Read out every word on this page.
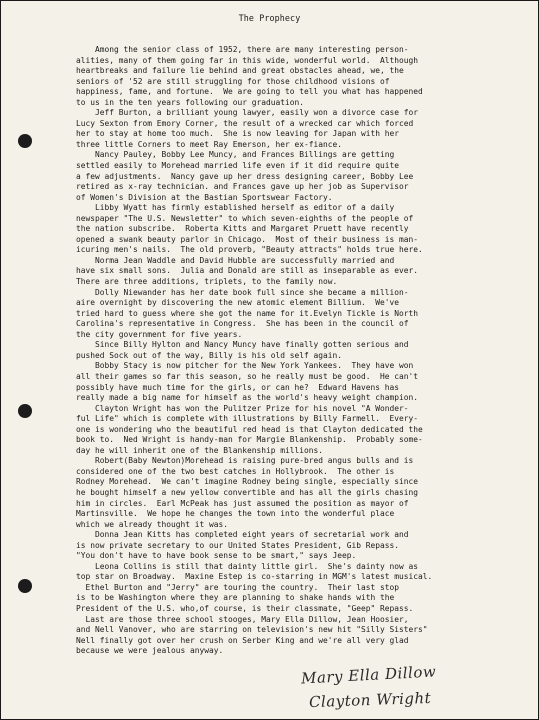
The Prophecy
Among the senior class of 1952, there are many interesting person-
alities, many of them going far in this wide, wonderful world.  Although
heartbreaks and failure lie behind and great obstacles ahead, we, the
seniors of '52 are still struggling for those childhood visions of
happiness, fame, and fortune.  We are going to tell you what has happened
to us in the ten years following our graduation.
Jeff Burton, a brilliant young lawyer, easily won a divorce case for
Lucy Sexton from Emory Corner, the result of a wrecked car which forced
her to stay at home too much.  She is now leaving for Japan with her
three little Corners to meet Ray Emerson, her ex-fiance.
Nancy Pauley, Bobby Lee Muncy, and Frances Billings are getting
settled easily to Morehead married life even if it did require quite
a few adjustments.  Nancy gave up her dress designing career, Bobby Lee
retired as x-ray technician. and Frances gave up her job as Supervisor
of Women's Division at the Bastian Sportswear Factory.
Libby Wyatt has firmly established herself as editor of a daily
newspaper "The U.S. Newsletter" to which seven-eighths of the people of
the nation subscribe.  Roberta Kitts and Margaret Pruett have recently
opened a swank beauty parlor in Chicago.  Most of their business is man-
icuring men's nails.  The old proverb, "Beauty attracts" holds true here.
Norma Jean Waddle and David Hubble are successfully married and
have six small sons.  Julia and Donald are still as inseparable as ever.
There are three additions, triplets, to the family now.
Dolly Niewander has her date book full since she became a million-
aire overnight by discovering the new atomic element Billium.  We've
tried hard to guess where she got the name for it.Evelyn Tickle is North
Carolina's representative in Congress.  She has been in the council of
the city government for five years.
Since Billy Hylton and Nancy Muncy have finally gotten serious and
pushed Sock out of the way, Billy is his old self again.
Bobby Stacy is now pitcher for the New York Yankees.  They have won
all their games so far this season, so he really must be good.  He can't
possibly have much time for the girls, or can he?  Edward Havens has
really made a big name for himself as the world's heavy weight champion.
Clayton Wright has won the Pulitzer Prize for his novel "A Wonder-
ful Life" which is complete with illustrations by Billy Farmell.  Every-
one is wondering who the beautiful red head is that Clayton dedicated the
book to.  Ned Wright is handy-man for Margie Blankenship.  Probably some-
day he will inherit one of the Blankenship millions.
Robert(Baby Newton)Morehead is raising pure-bred angus bulls and is
considered one of the two best catches in Hollybrook.  The other is
Rodney Morehead.  We can't imagine Rodney being single, especially since
he bought himself a new yellow convertible and has all the girls chasing
him in circles.  Earl McPeak has just assumed the position as mayor of
Martinsville.  We hope he changes the town into the wonderful place
which we already thought it was.
Donna Jean Kitts has completed eight years of secretarial work and
is now private secretary to our United States President, Gib Repass.
"You don't have to have book sense to be smart," says Jeep.
Leona Collins is still that dainty little girl.  She's dainty now as
top star on Broadway.  Maxine Estep is co-starring in MGM's latest musical.
Ethel Burton and "Jerry" are touring the country.  Their last stop
is to be Washington where they are planning to shake hands with the
President of the U.S. who,of course, is their classmate, "Geep" Repass.
Last are those three school stooges, Mary Ella Dillow, Jean Hoosier,
and Nell Vanover, who are starring on television's new hit "Silly Sisters"
Nell finally got over her crush on Serber King and we're all very glad
because we were jealous anyway.
Mary Ella Dillow
Clayton Wright
